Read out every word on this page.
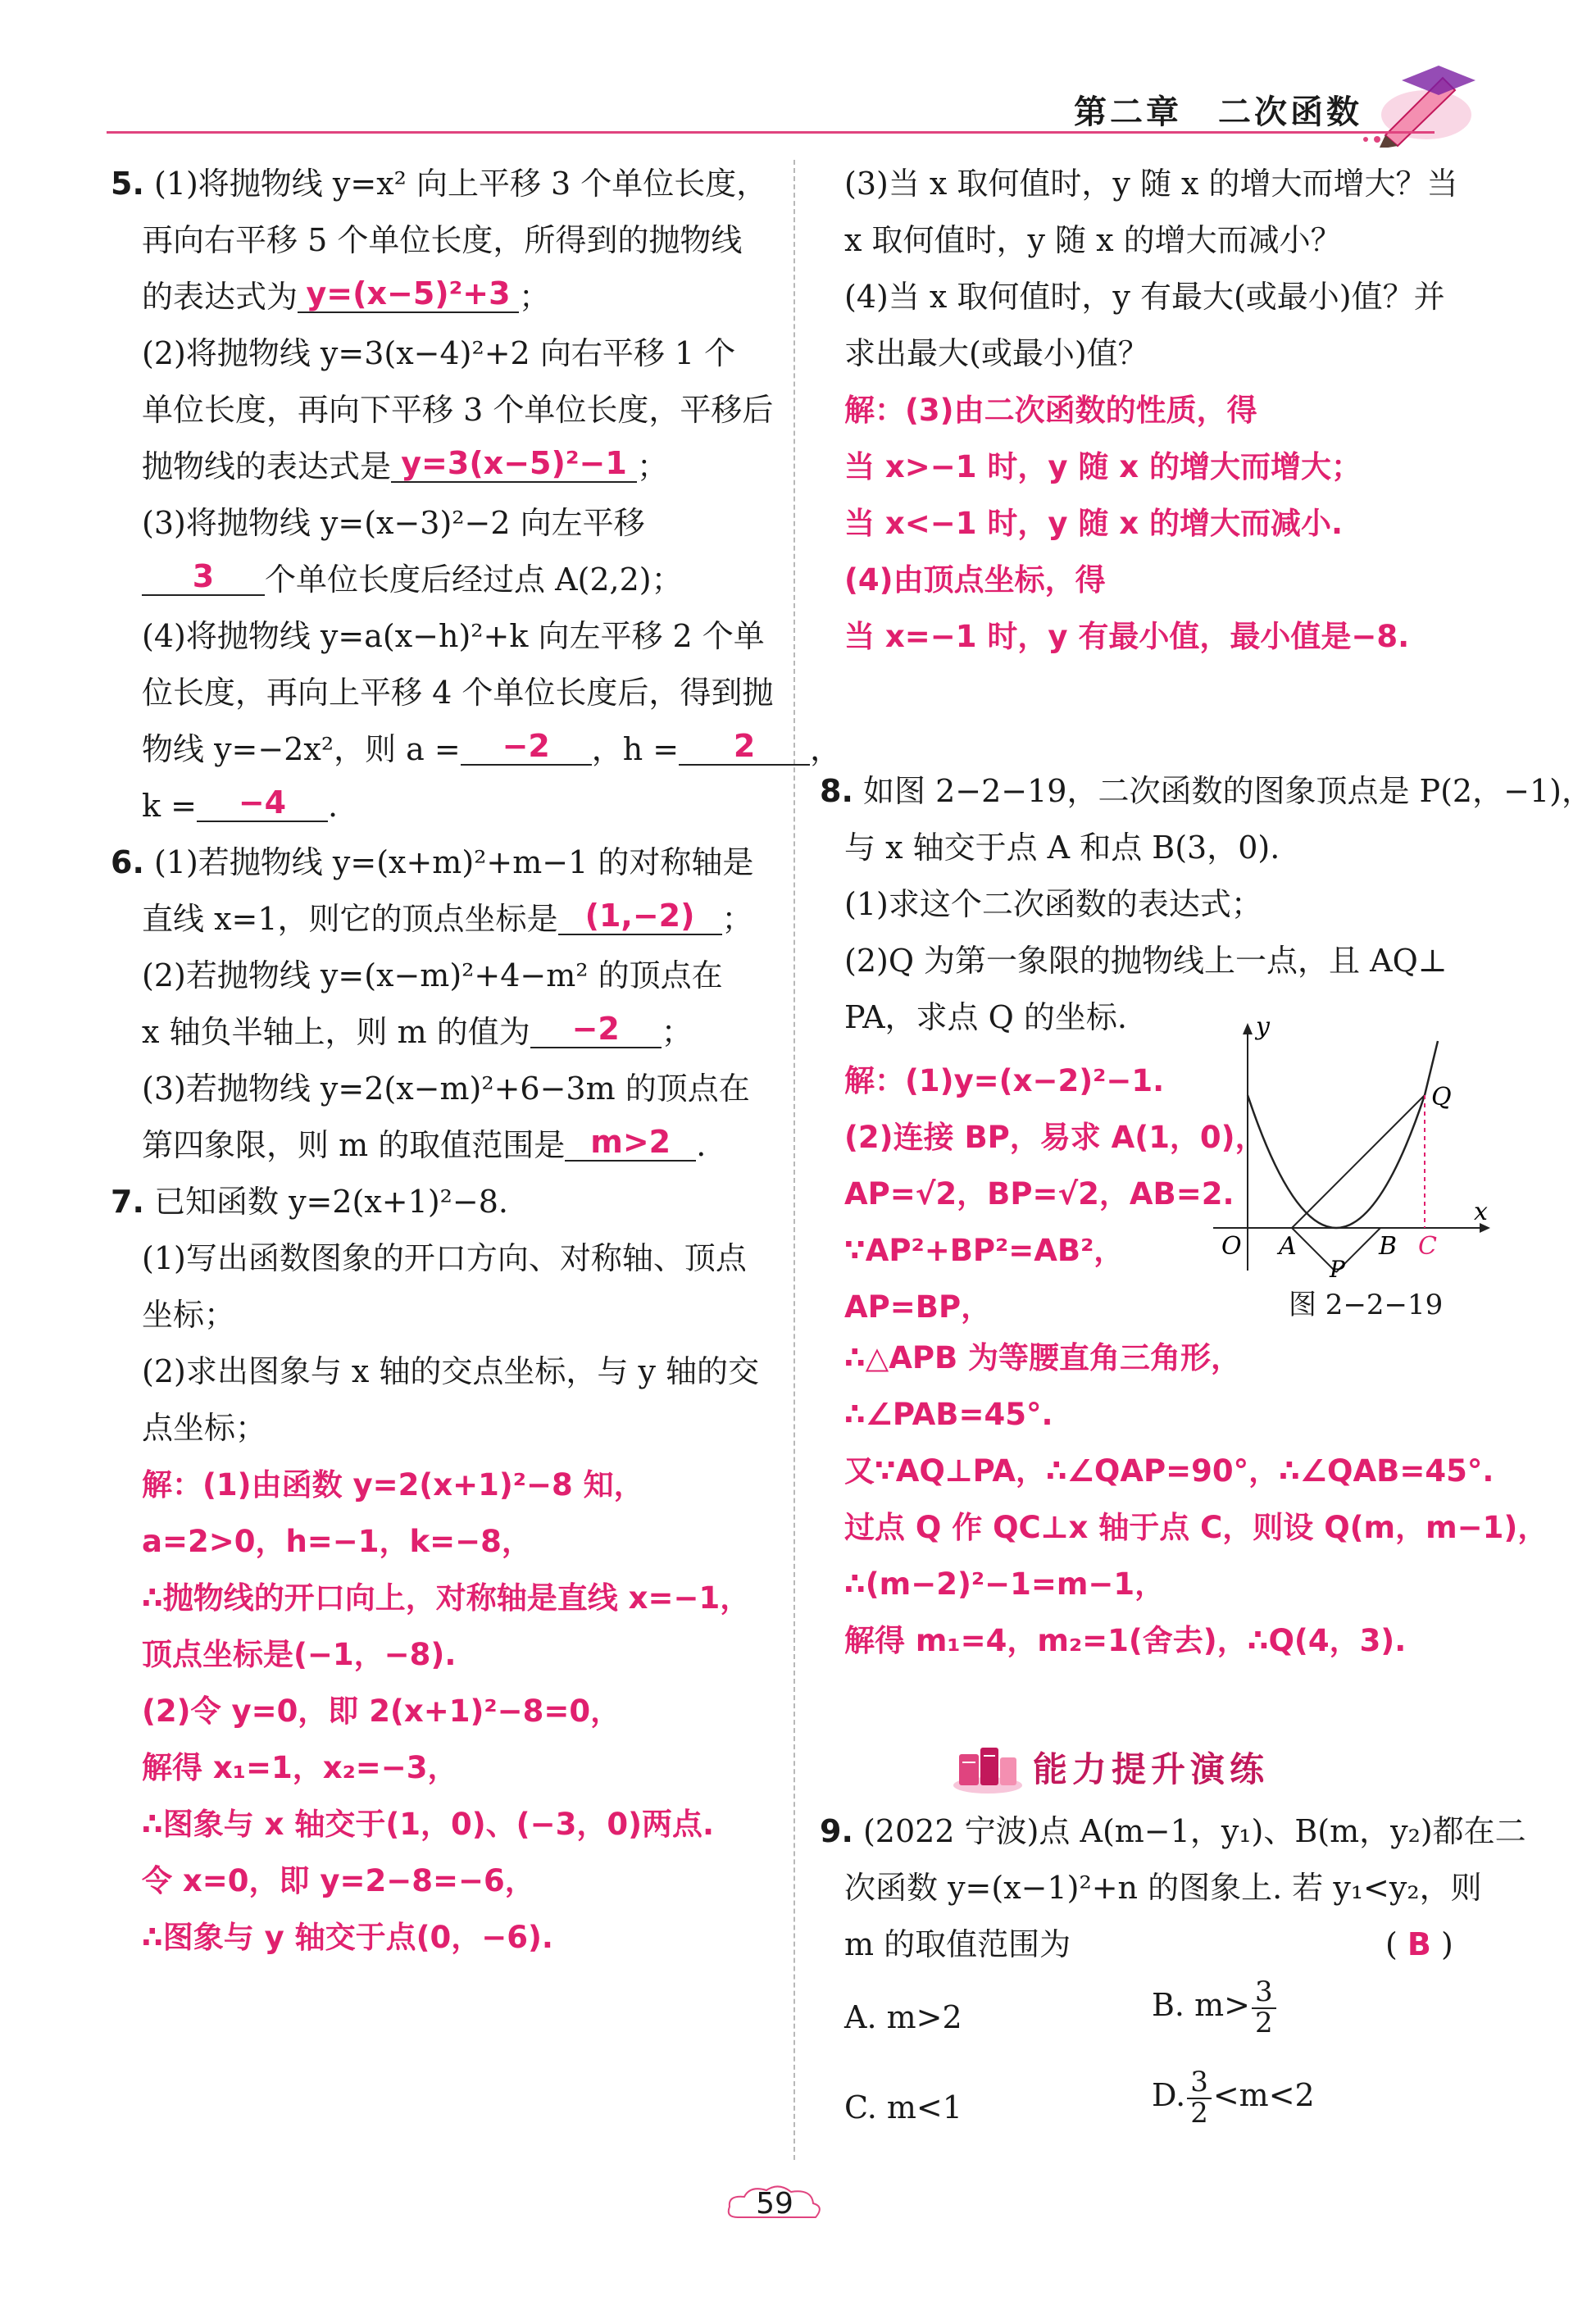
第二章　二次函数
5. (1)将抛物线 y=x² 向上平移 3 个单位长度，
再向右平移 5 个单位长度，所得到的抛物线
的表达式为 y=(x−5)²+3 ；
(2)将抛物线 y=3(x−4)²+2 向右平移 1 个
单位长度，再向下平移 3 个单位长度，平移后
抛物线的表达式是 y=3(x−5)²−1 ；
(3)将抛物线 y=(x−3)²−2 向左平移
3 个单位长度后经过点 A(2,2)；
(4)将抛物线 y=a(x−h)²+k 向左平移 2 个单
位长度，再向上平移 4 个单位长度后，得到抛
物线 y=−2x²，则 a = −2 ，h = 2 ，
k = −4 .
6. (1)若抛物线 y=(x+m)²+m−1 的对称轴是
直线 x=1，则它的顶点坐标是 (1,−2) ；
(2)若抛物线 y=(x−m)²+4−m² 的顶点在
x 轴负半轴上，则 m 的值为 −2 ；
(3)若抛物线 y=2(x−m)²+6−3m 的顶点在
第四象限，则 m 的取值范围是 m>2 .
7. 已知函数 y=2(x+1)²−8.
(1)写出函数图象的开口方向、对称轴、顶点
坐标；
(2)求出图象与 x 轴的交点坐标，与 y 轴的交
点坐标；
解：(1)由函数 y=2(x+1)²−8 知，
a=2>0，h=−1，k=−8，
∴抛物线的开口向上，对称轴是直线 x=−1，
顶点坐标是(−1，−8).
(2)令 y=0，即 2(x+1)²−8=0，
解得 x₁=1，x₂=−3，
∴图象与 x 轴交于(1，0)、(−3，0)两点.
令 x=0，即 y=2−8=−6，
∴图象与 y 轴交于点(0，−6).
(3)当 x 取何值时，y 随 x 的增大而增大？当
x 取何值时，y 随 x 的增大而减小？
(4)当 x 取何值时，y 有最大(或最小)值？并
求出最大(或最小)值？
解：(3)由二次函数的性质，得
当 x>−1 时，y 随 x 的增大而增大；
当 x<−1 时，y 随 x 的增大而减小.
(4)由顶点坐标，得
当 x=−1 时，y 有最小值，最小值是−8.
8. 如图 2−2−19，二次函数的图象顶点是 P(2，−1)，
与 x 轴交于点 A 和点 B(3，0).
(1)求这个二次函数的表达式；
(2)Q 为第一象限的抛物线上一点，且 AQ⊥
PA，求点 Q 的坐标.
解：(1)y=(x−2)²−1.
(2)连接 BP，易求 A(1，0)，
AP=√2，BP=√2，AB=2.
∵AP²+BP²=AB²，
AP=BP，
y
x
O A	B C
P
Q
图 2−2−19
∴△APB 为等腰直角三角形，
∴∠PAB=45°.
又∵AQ⊥PA，∴∠QAP=90°，∴∠QAB=45°.
过点 Q 作 QC⊥x 轴于点 C，则设 Q(m，m−1)，
∴(m−2)²−1=m−1，
解得 m₁=4，m₂=1(舍去)，∴Q(4，3).
能力提升演练
9. (2022 宁波)点 A(m−1，y₁)、B(m，y₂)都在二
次函数 y=(x−1)²+n 的图象上. 若 y₁<y₂，则
m 的取值范围为	( B )
A. m>2	B. $m> \frac{3}{2}$
C. m<1	D. $\frac{3}{2} <m<2$
59
